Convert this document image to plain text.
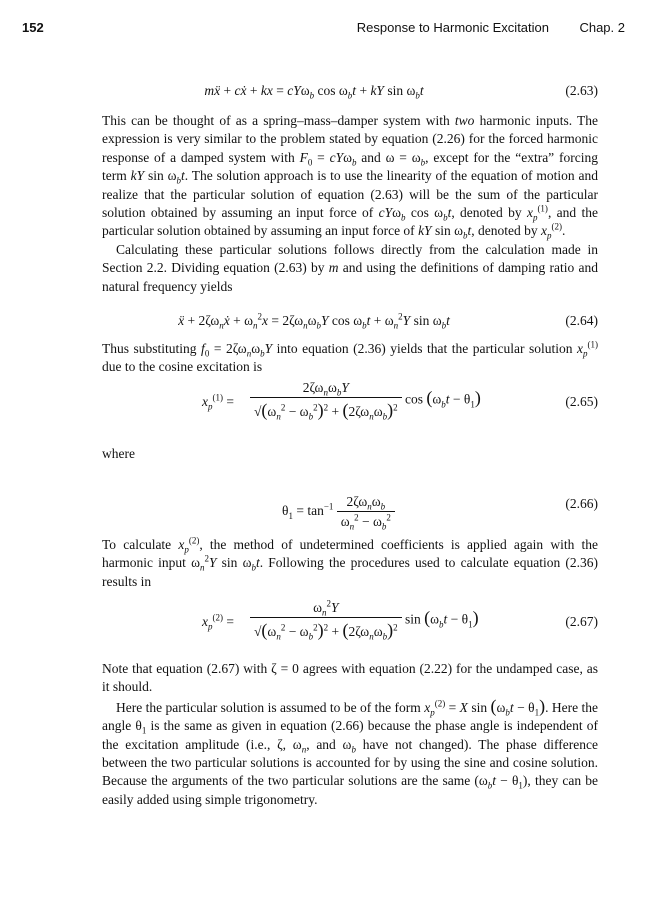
152	Response to Harmonic Excitation Chap. 2
mẍ + cẋ + kx = cYω$_b$ $\cos \omega_bt$ + kY $\sin \omega_bt$	(2.63)

This can be thought of as a spring–mass–damper system with two harmonic inputs. The expression is very similar to the problem stated by equation (2.26) for the forced harmonic response of a damped system with $F_0 = cY\omega_b$ and $\omega = \omega_b$, except for the “extra” forcing term kY $\sin \omega_bt$. The solution approach is to use the linearity of the equation of motion and realize that the particular solution of equation (2.63) will be the sum of the particular solution obtained by assuming an input force of cYω$_b$ $\cos \omega_bt$, denoted by $x_p^{(1)}$, and the particular solution obtained by assuming an input force of kY $\sin \omega_bt$, denoted by $x_p^{(2)}$.

Calculating these particular solutions follows directly from the calculation made in Section 2.2. Dividing equation (2.63) by m and using the definitions of damping ratio and natural frequency yields

ẍ + $2\zeta\omega_nẋ + \omega_n^2x = 2\zeta\omega_n\omega_bY$ $\cos \omega_bt + \omega_n^2Y$ $\sin \omega_bt$	(2.64)

Thus substituting $f_0 = 2\zeta\omega_n\omega_bY$ into equation (2.36) yields that the particular solution $x_p^{(1)}$ due to the cosine excitation is

$x_p^{(1)} = \frac{2\zeta\omega_n\omega_bY}{√(\omega_n^2 - \omega_b^2)^2 + (2\zeta\omega_n\omega_b)^2}$ $\cos (\omega_bt - \theta_1)$	(2.65)
where
$\theta_1 = \tan^{-1} \frac{2\zeta\omega_n\omega_b}{\omega_n^2 - \omega_b^2}$	(2.66)

To calculate $x_p^{(2)}$, the method of undetermined coefficients is applied again with the harmonic input $\omega_n^2Y$ $\sin \omega_bt$. Following the procedures used to calculate equation (2.36) results in

$x_p^{(2)} = \frac{\omega_n^2Y}{√(\omega_n^2 - \omega_b^2)^2 + (2\zeta\omega_n\omega_b)^2}$ $\sin (\omega_bt - \theta_1)$	(2.67)

Note that equation (2.67) with ζ = 0 agrees with equation (2.22) for the undamped case, as it should.

Here the particular solution is assumed to be of the form $x_p^{(2)} = X$ $\sin (\omega_bt - \theta_1)$. Here the angle $\theta_1$ is the same as given in equation (2.66) because the phase angle is independent of the excitation amplitude (i.e., ζ, $\omega_n$, and $\omega_b$ have not changed). The phase difference between the two particular solutions is accounted for by using the sine and cosine solution. Because the arguments of the two particular solutions are the same $(\omega_bt - \theta_1)$, they can be easily added using simple trigonometry.
